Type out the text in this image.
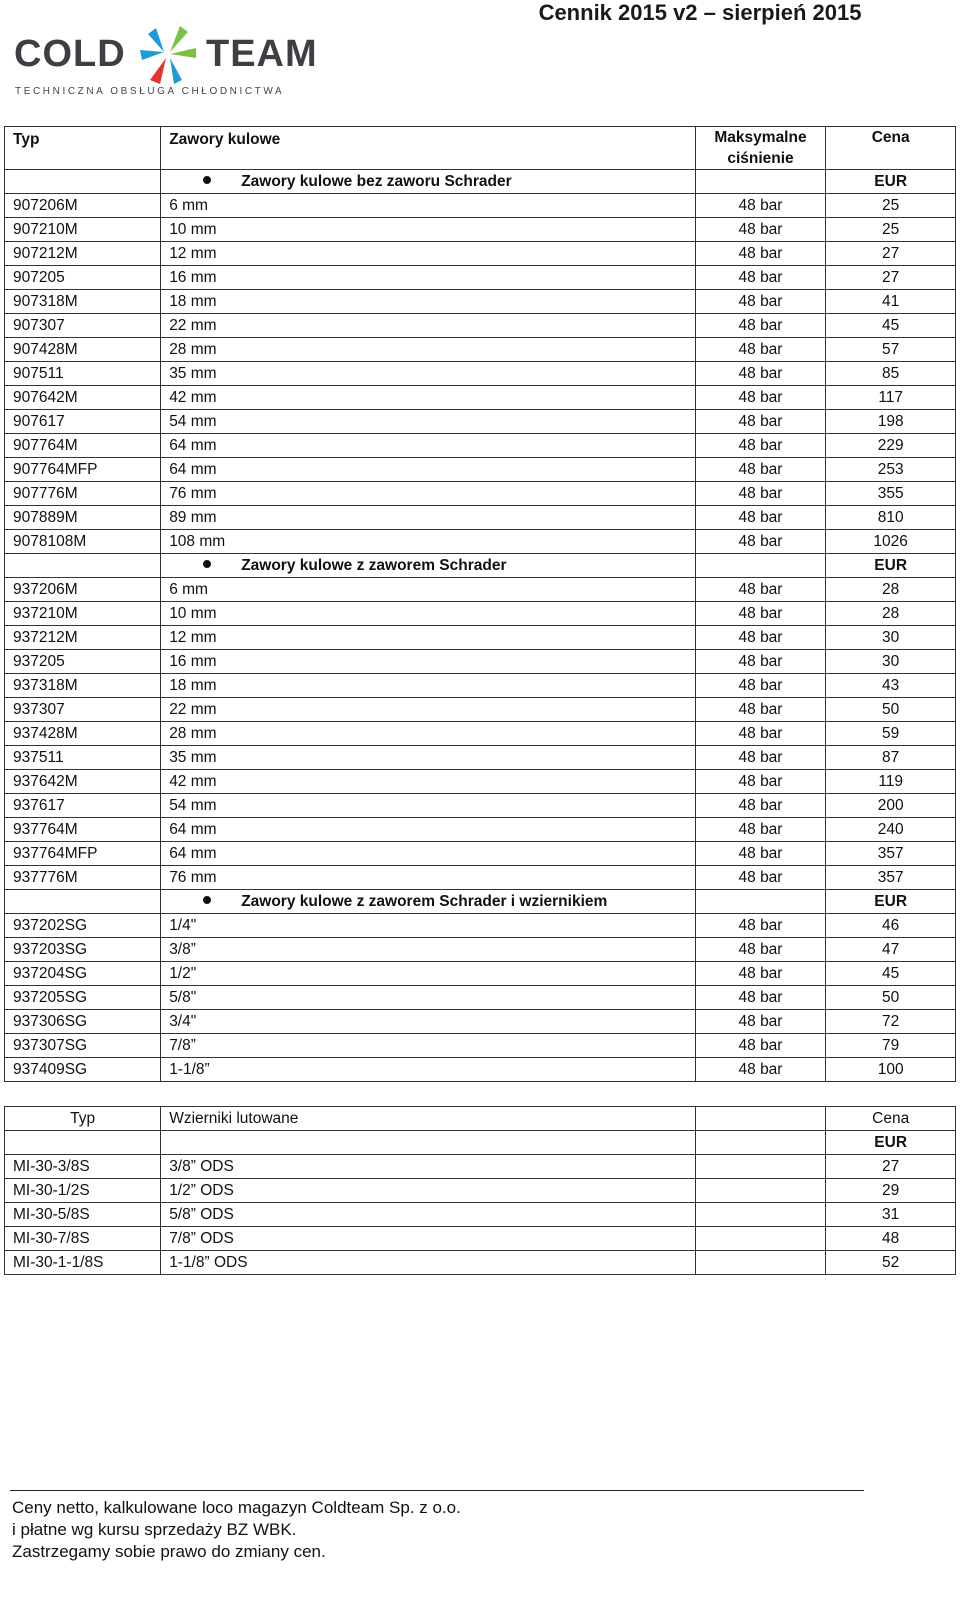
Cennik 2015 v2 – sierpień 2015
COLD TEAM
TECHNICZNA OBSŁUGA CHŁODNICTWA
Typ	Zawory kulowe	Maksymalne ciśnienie	Cena
	Zawory kulowe bez zaworu Schrader		EUR
907206M	6 mm	48 bar	25
907210M	10 mm	48 bar	25
907212M	12 mm	48 bar	27
907205	16 mm	48 bar	27
907318M	18 mm	48 bar	41
907307	22 mm	48 bar	45
907428M	28 mm	48 bar	57
907511	35 mm	48 bar	85
907642M	42 mm	48 bar	117
907617	54 mm	48 bar	198
907764M	64 mm	48 bar	229
907764MFP	64 mm	48 bar	253
907776M	76 mm	48 bar	355
907889M	89 mm	48 bar	810
9078108M	108 mm	48 bar	1026
	Zawory kulowe z zaworem Schrader		EUR
937206M	6 mm	48 bar	28
937210M	10 mm	48 bar	28
937212M	12 mm	48 bar	30
937205	16 mm	48 bar	30
937318M	18 mm	48 bar	43
937307	22 mm	48 bar	50
937428M	28 mm	48 bar	59
937511	35 mm	48 bar	87
937642M	42 mm	48 bar	119
937617	54 mm	48 bar	200
937764M	64 mm	48 bar	240
937764MFP	64 mm	48 bar	357
937776M	76 mm	48 bar	357
	Zawory kulowe z zaworem Schrader i wziernikiem		EUR
937202SG	1/4"	48 bar	46
937203SG	3/8”	48 bar	47
937204SG	1/2"	48 bar	45
937205SG	5/8"	48 bar	50
937306SG	3/4"	48 bar	72
937307SG	7/8”	48 bar	79
937409SG	1-1/8”	48 bar	100
Typ	Wzierniki lutowane		Cena
			EUR
MI-30-3/8S	3/8” ODS		27
MI-30-1/2S	1/2” ODS		29
MI-30-5/8S	5/8” ODS		31
MI-30-7/8S	7/8” ODS		48
MI-30-1-1/8S	1-1/8” ODS		52
Ceny netto, kalkulowane loco magazyn Coldteam Sp. z o.o.
i płatne wg kursu sprzedaży BZ WBK.
Zastrzegamy sobie prawo do zmiany cen.
